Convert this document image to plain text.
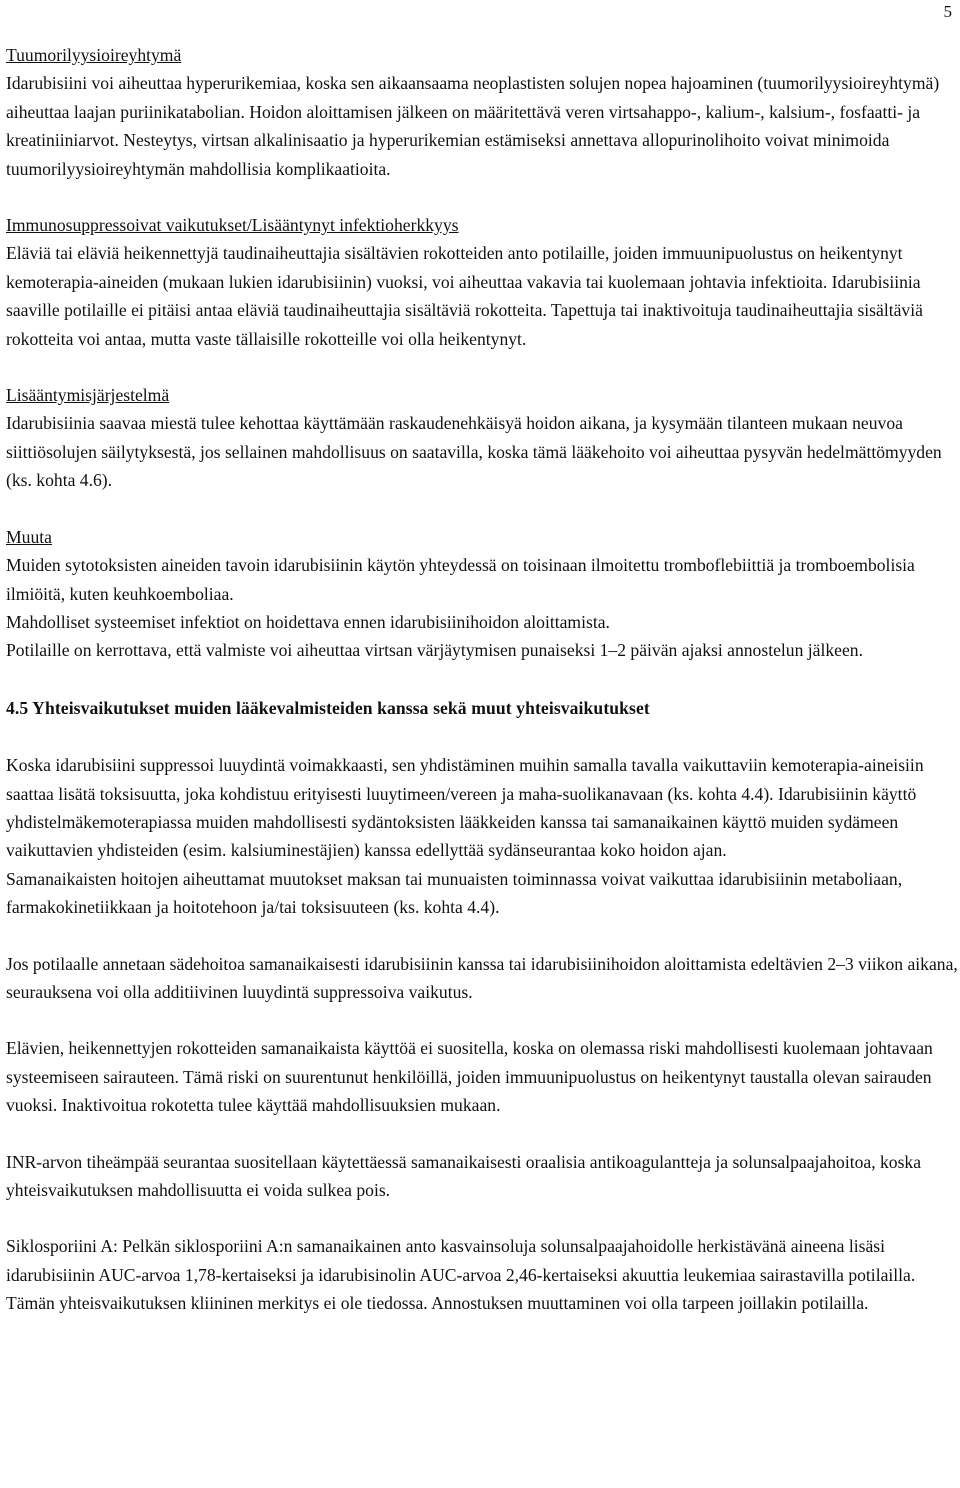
5

Tuumorilyysioireyhtymä

Idarubisiini voi aiheuttaa hyperurikemiaa, koska sen aikaansaama neoplastisten solujen nopea hajoaminen (tuumorilyysioireyhtymä) aiheuttaa laajan puriinikatabolian. Hoidon aloittamisen jälkeen on määritettävä veren virtsahappo-, kalium-, kalsium-, fosfaatti- ja kreatiniiniarvot. Nesteytys, virtsan alkalinisaatio ja hyperurikemian estämiseksi annettava allopurinolihoito voivat minimoida tuumorilyysioireyhtymän mahdollisia komplikaatioita.

Immunosuppressoivat vaikutukset/Lisääntynyt infektioherkkyys

Eläviä tai eläviä heikennettyjä taudinaiheuttajia sisältävien rokotteiden anto potilaille, joiden immuunipuolustus on heikentynyt kemoterapia-aineiden (mukaan lukien idarubisiinin) vuoksi, voi aiheuttaa vakavia tai kuolemaan johtavia infektioita. Idarubisiinia saaville potilaille ei pitäisi antaa eläviä taudinaiheuttajia sisältäviä rokotteita. Tapettuja tai inaktivoituja taudinaiheuttajia sisältäviä rokotteita voi antaa, mutta vaste tällaisille rokotteille voi olla heikentynyt.

Lisääntymisjärjestelmä

Idarubisiinia saavaa miestä tulee kehottaa käyttämään raskaudenehkäisyä hoidon aikana, ja kysymään tilanteen mukaan neuvoa siittiösolujen säilytyksestä, jos sellainen mahdollisuus on saatavilla, koska tämä lääkehoito voi aiheuttaa pysyvän hedelmättömyyden (ks. kohta 4.6).

Muuta

Muiden sytotoksisten aineiden tavoin idarubisiinin käytön yhteydessä on toisinaan ilmoitettu tromboflebiittiä ja tromboembolisia ilmiöitä, kuten keuhkoemboliaa.

Mahdolliset systeemiset infektiot on hoidettava ennen idarubisiinihoidon aloittamista.

Potilaille on kerrottava, että valmiste voi aiheuttaa virtsan värjäytymisen punaiseksi 1–2 päivän ajaksi annostelun jälkeen.

4.5 Yhteisvaikutukset muiden lääkevalmisteiden kanssa sekä muut yhteisvaikutukset

Koska idarubisiini suppressoi luuydintä voimakkaasti, sen yhdistäminen muihin samalla tavalla vaikuttaviin kemoterapia-aineisiin saattaa lisätä toksisuutta, joka kohdistuu erityisesti luuytimeen/vereen ja maha-suolikanavaan (ks. kohta 4.4). Idarubisiinin käyttö yhdistelmäkemoterapiassa muiden mahdollisesti sydäntoksisten lääkkeiden kanssa tai samanaikainen käyttö muiden sydämeen vaikuttavien yhdisteiden (esim. kalsiuminestäjien) kanssa edellyttää sydänseurantaa koko hoidon ajan.

Samanaikaisten hoitojen aiheuttamat muutokset maksan tai munuaisten toiminnassa voivat vaikuttaa idarubisiinin metaboliaan, farmakokinetiikkaan ja hoitotehoon ja/tai toksisuuteen (ks. kohta 4.4).

Jos potilaalle annetaan sädehoitoa samanaikaisesti idarubisiinin kanssa tai idarubisiinihoidon aloittamista edeltävien 2–3 viikon aikana, seurauksena voi olla additiivinen luuydintä suppressoiva vaikutus.

Elävien, heikennettyjen rokotteiden samanaikaista käyttöä ei suositella, koska on olemassa riski mahdollisesti kuolemaan johtavaan systeemiseen sairauteen. Tämä riski on suurentunut henkilöillä, joiden immuunipuolustus on heikentynyt taustalla olevan sairauden vuoksi. Inaktivoitua rokotetta tulee käyttää mahdollisuuksien mukaan.

INR-arvon tiheämpää seurantaa suositellaan käytettäessä samanaikaisesti oraalisia antikoagulantteja ja solunsalpaajahoitoa, koska yhteisvaikutuksen mahdollisuutta ei voida sulkea pois.

Siklosporiini A: Pelkän siklosporiini A:n samanaikainen anto kasvainsoluja solunsalpaajahoidolle herkistävänä aineena lisäsi idarubisiinin AUC-arvoa 1,78-kertaiseksi ja idarubisinolin AUC-arvoa 2,46-kertaiseksi akuuttia leukemiaa sairastavilla potilailla. Tämän yhteisvaikutuksen kliininen merkitys ei ole tiedossa. Annostuksen muuttaminen voi olla tarpeen joillakin potilailla.
